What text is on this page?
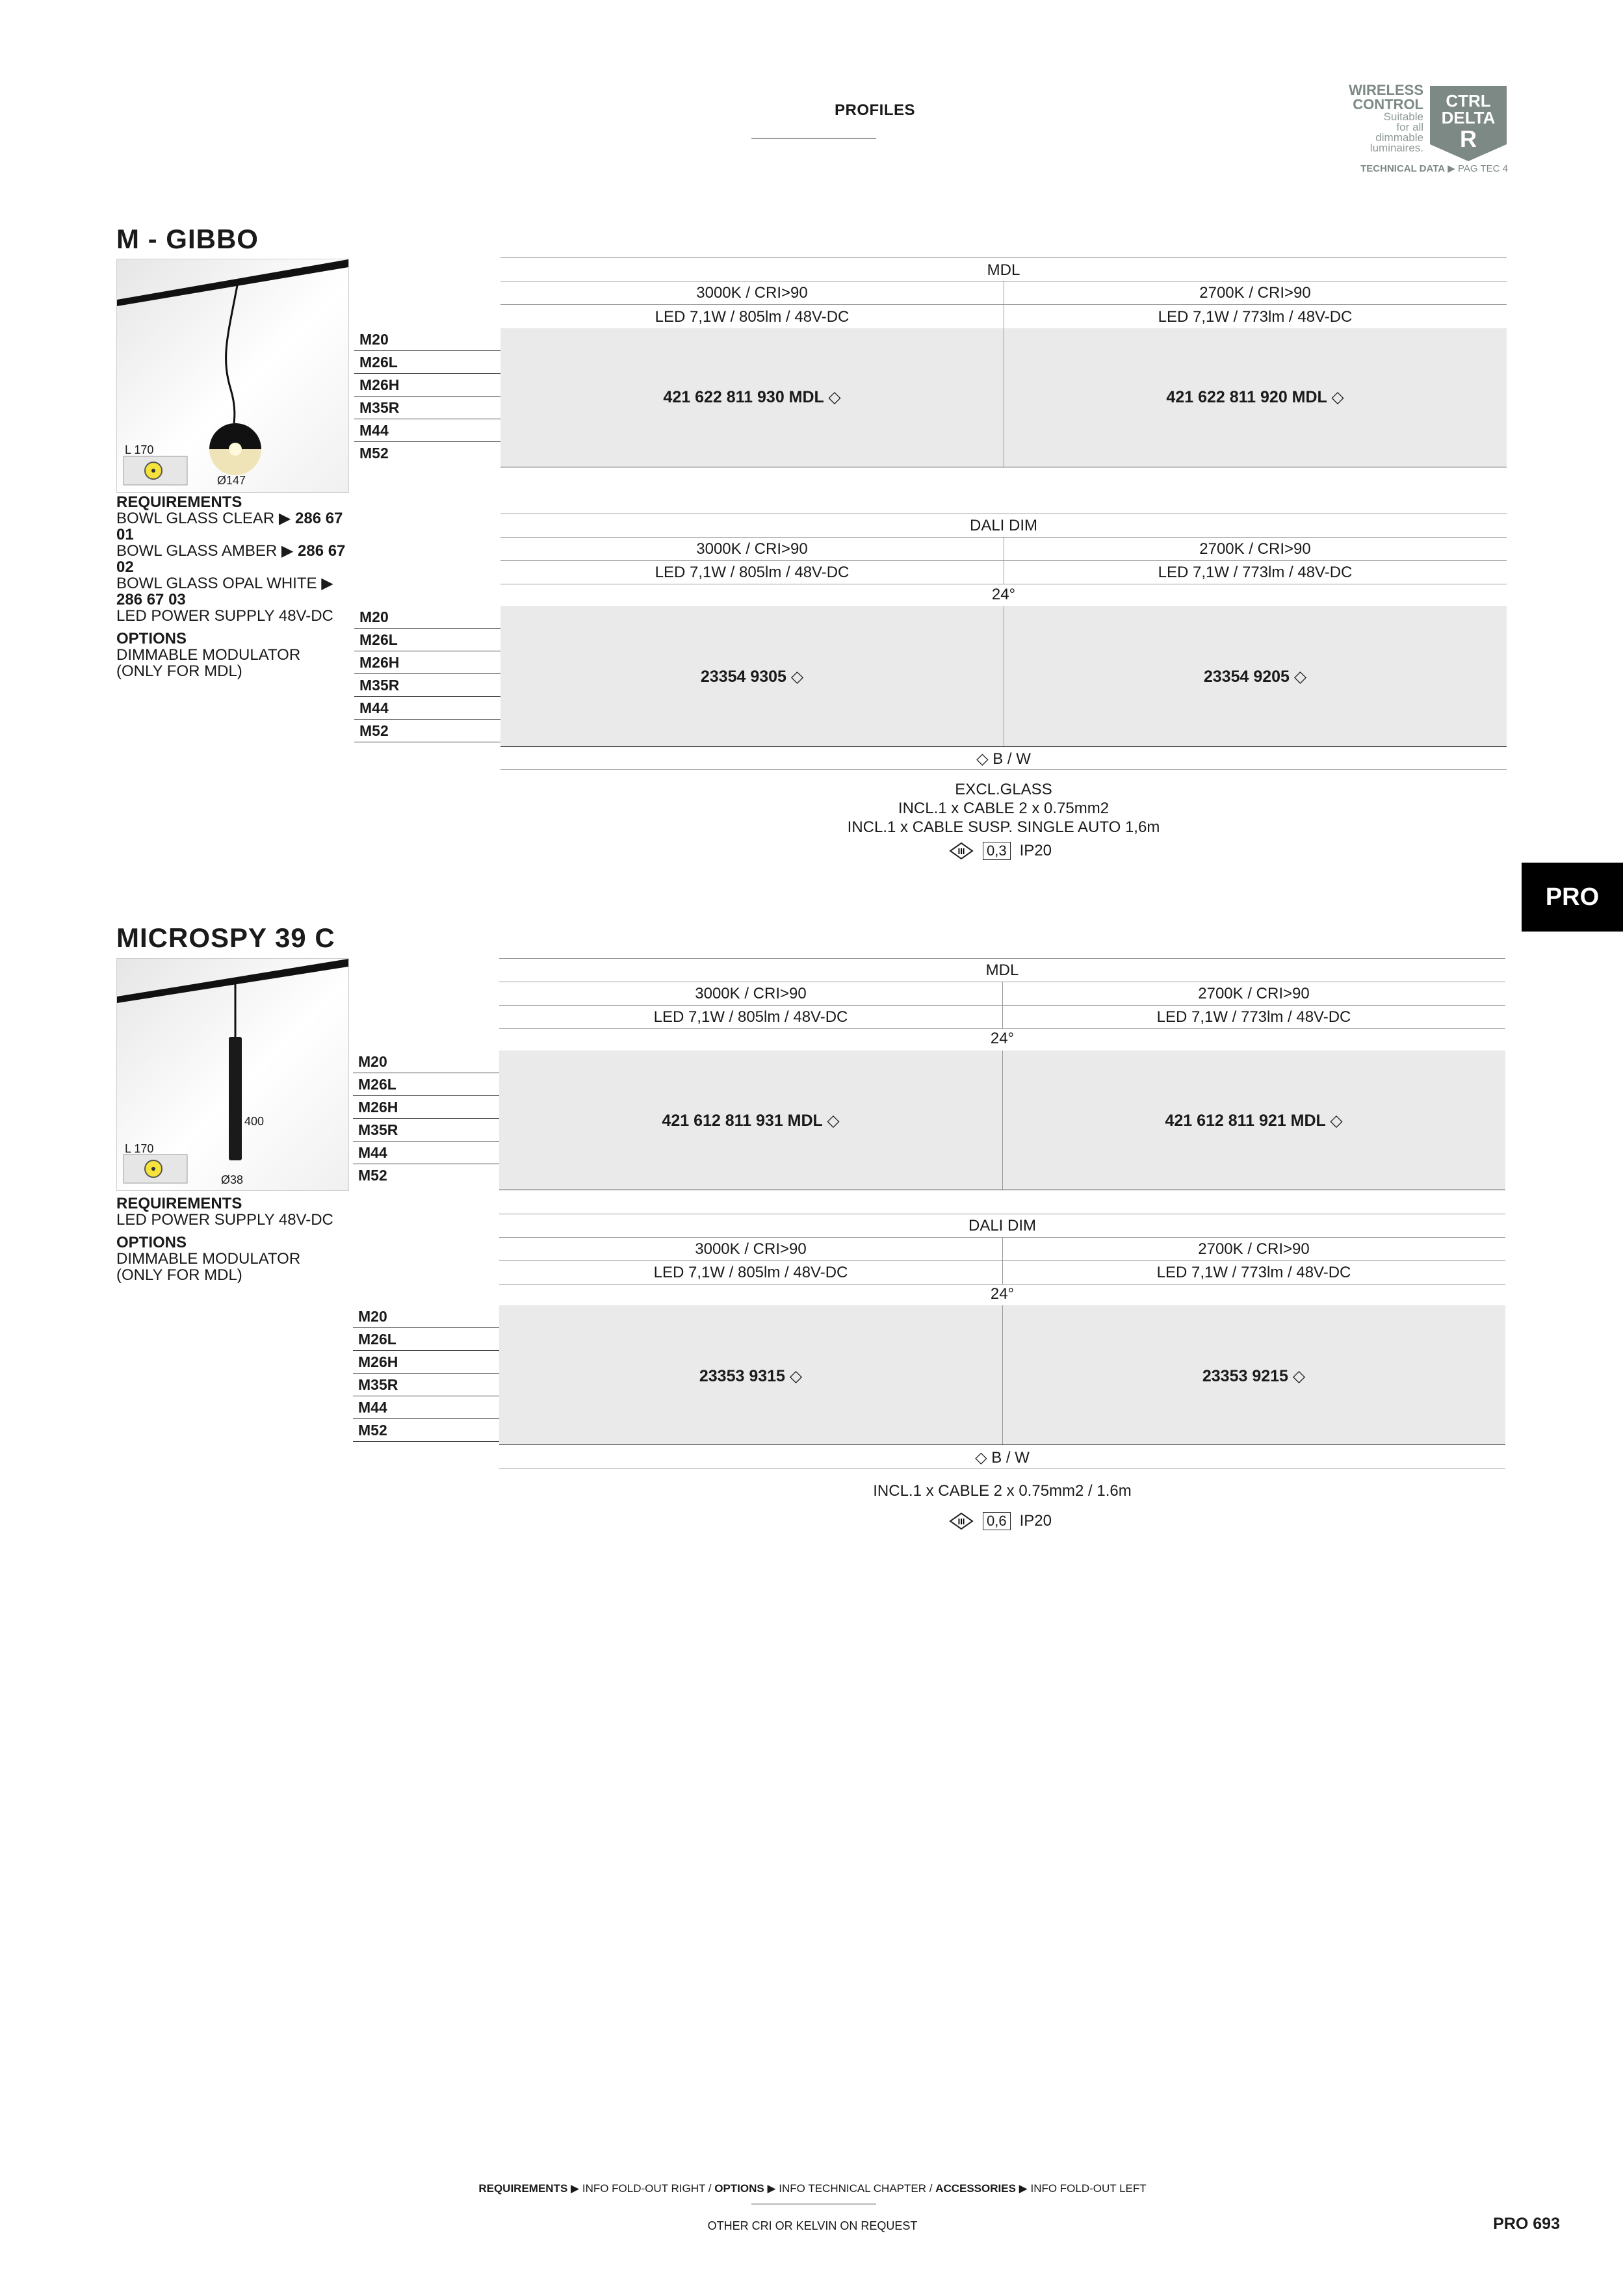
PROFILES
WIRELESS
CONTROL
Suitable
for all
dimmable
luminaires.
CTRL
DELTA
R
TECHNICAL DATA ▶ PAG TEC 4
M - GIBBO
L 170
Ø147
REQUIREMENTS
BOWL GLASS CLEAR ▶ 286 67 01
BOWL GLASS AMBER ▶ 286 67 02
BOWL GLASS OPAL WHITE ▶ 286 67 03
LED POWER SUPPLY 48V-DC
OPTIONS
DIMMABLE MODULATOR
(ONLY FOR MDL)
MDL
3000K / CRI>90	2700K / CRI>90
LED 7,1W / 805lm / 48V-DC	LED 7,1W / 773lm / 48V-DC
421 622 811 930 MDL ◇	421 622 811 920 MDL ◇
M20
M26L
M26H
M35R
M44
M52
DALI DIM
3000K / CRI>90	2700K / CRI>90
LED 7,1W / 805lm / 48V-DC	LED 7,1W / 773lm / 48V-DC
24°
23354 9305 ◇	23354 9205 ◇
M20
M26L
M26H
M35R
M44
M52
◇ B / W
EXCL.GLASS
INCL.1 x CABLE 2 x 0.75mm2
INCL.1 x CABLE SUSP. SINGLE AUTO 1,6m
III 0,3 IP20
PRO
MICROSPY 39 C
400
L 170
Ø38
REQUIREMENTS
LED POWER SUPPLY 48V-DC
OPTIONS
DIMMABLE MODULATOR
(ONLY FOR MDL)
MDL
3000K / CRI>90	2700K / CRI>90
LED 7,1W / 805lm / 48V-DC	LED 7,1W / 773lm / 48V-DC
24°
421 612 811 931 MDL ◇	421 612 811 921 MDL ◇
M20
M26L
M26H
M35R
M44
M52
DALI DIM
3000K / CRI>90	2700K / CRI>90
LED 7,1W / 805lm / 48V-DC	LED 7,1W / 773lm / 48V-DC
24°
23353 9315 ◇	23353 9215 ◇
M20
M26L
M26H
M35R
M44
M52
◇ B / W
INCL.1 x CABLE 2 x 0.75mm2 / 1.6m
III 0,6 IP20
REQUIREMENTS ▶ INFO FOLD-OUT RIGHT / OPTIONS ▶ INFO TECHNICAL CHAPTER / ACCESSORIES ▶ INFO FOLD-OUT LEFT
OTHER CRI OR KELVIN ON REQUEST	PRO 693
